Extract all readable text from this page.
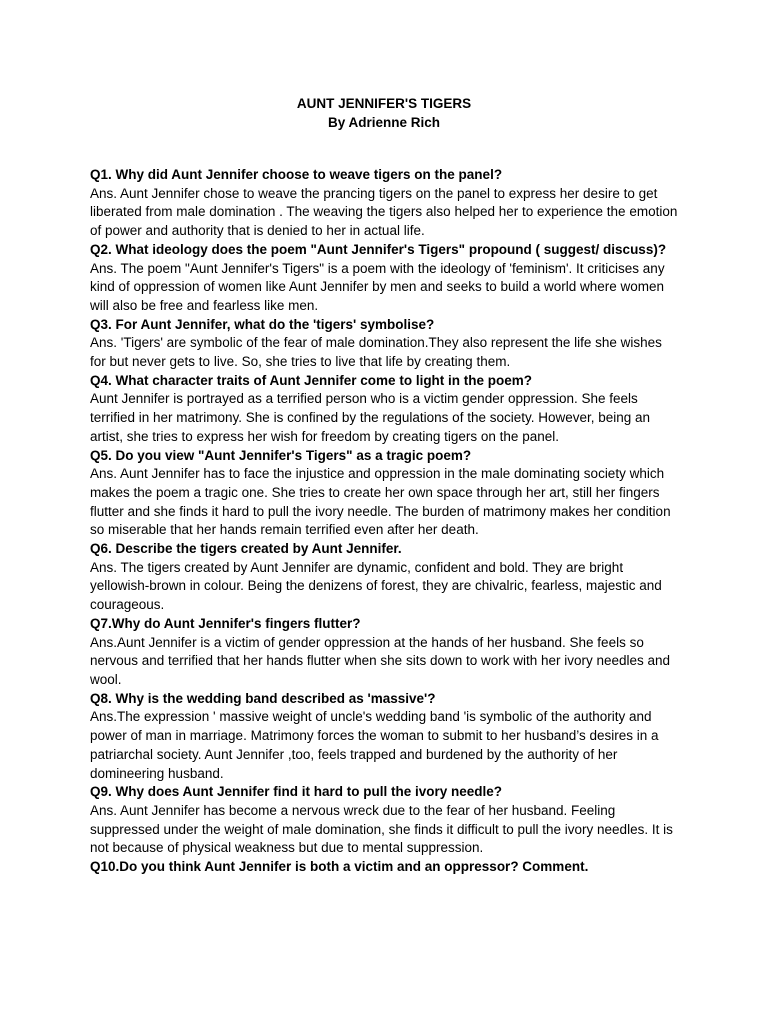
AUNT JENNIFER'S TIGERS
By Adrienne Rich

Q1. Why did Aunt Jennifer choose to weave tigers on the panel?

Ans. Aunt Jennifer chose to weave the prancing tigers on the panel to express her desire to get liberated from male domination . The weaving the tigers also helped her to experience the emotion of power and authority that is denied to her in actual life.

Q2. What ideology does the poem "Aunt Jennifer's Tigers" propound ( suggest/ discuss)?

Ans. The poem "Aunt Jennifer's Tigers" is a poem with the ideology of 'feminism'. It criticises any kind of oppression of women like Aunt Jennifer by men and seeks to build a world where women will also be free and fearless like men.

Q3. For Aunt Jennifer, what do the 'tigers' symbolise?

Ans. 'Tigers' are symbolic of the fear of male domination.They also represent the life she wishes for but never gets to live. So, she tries to live that life by creating them.

Q4. What character traits of Aunt Jennifer come to light in the poem?

Aunt Jennifer is portrayed as a terrified person who is a victim gender oppression. She feels terrified in her matrimony. She is confined by the regulations of the society. However, being an artist, she tries to express her wish for freedom by creating tigers on the panel.

Q5. Do you view "Aunt Jennifer's Tigers" as a tragic poem?

Ans. Aunt Jennifer has to face the injustice and oppression in the male dominating society which makes the poem a tragic one. She tries to create her own space through her art, still her fingers flutter and she finds it hard to pull the ivory needle. The burden of matrimony makes her condition so miserable that her hands remain terrified even after her death.

Q6. Describe the tigers created by Aunt Jennifer.

Ans. The tigers created by Aunt Jennifer are dynamic, confident and bold. They are bright yellowish-brown in colour. Being the denizens of forest, they are chivalric, fearless, majestic and courageous.

Q7.Why do Aunt Jennifer's fingers flutter?

Ans.Aunt Jennifer is a victim of gender oppression at the hands of her husband. She feels so nervous and terrified that her hands flutter when she sits down to work with her ivory needles and wool.

Q8. Why is the wedding band described as 'massive'?

Ans.The expression ' massive weight of uncle's wedding band 'is symbolic of the authority and power of man in marriage. Matrimony forces the woman to submit to her husband’s desires in a patriarchal society. Aunt Jennifer ,too, feels trapped and burdened by the authority of her domineering husband.

Q9. Why does Aunt Jennifer find it hard to pull the ivory needle?

Ans. Aunt Jennifer has become a nervous wreck due to the fear of her husband. Feeling suppressed under the weight of male domination, she finds it difficult to pull the ivory needles. It is not because of physical weakness but due to mental suppression.

Q10.Do you think Aunt Jennifer is both a victim and an oppressor? Comment.
